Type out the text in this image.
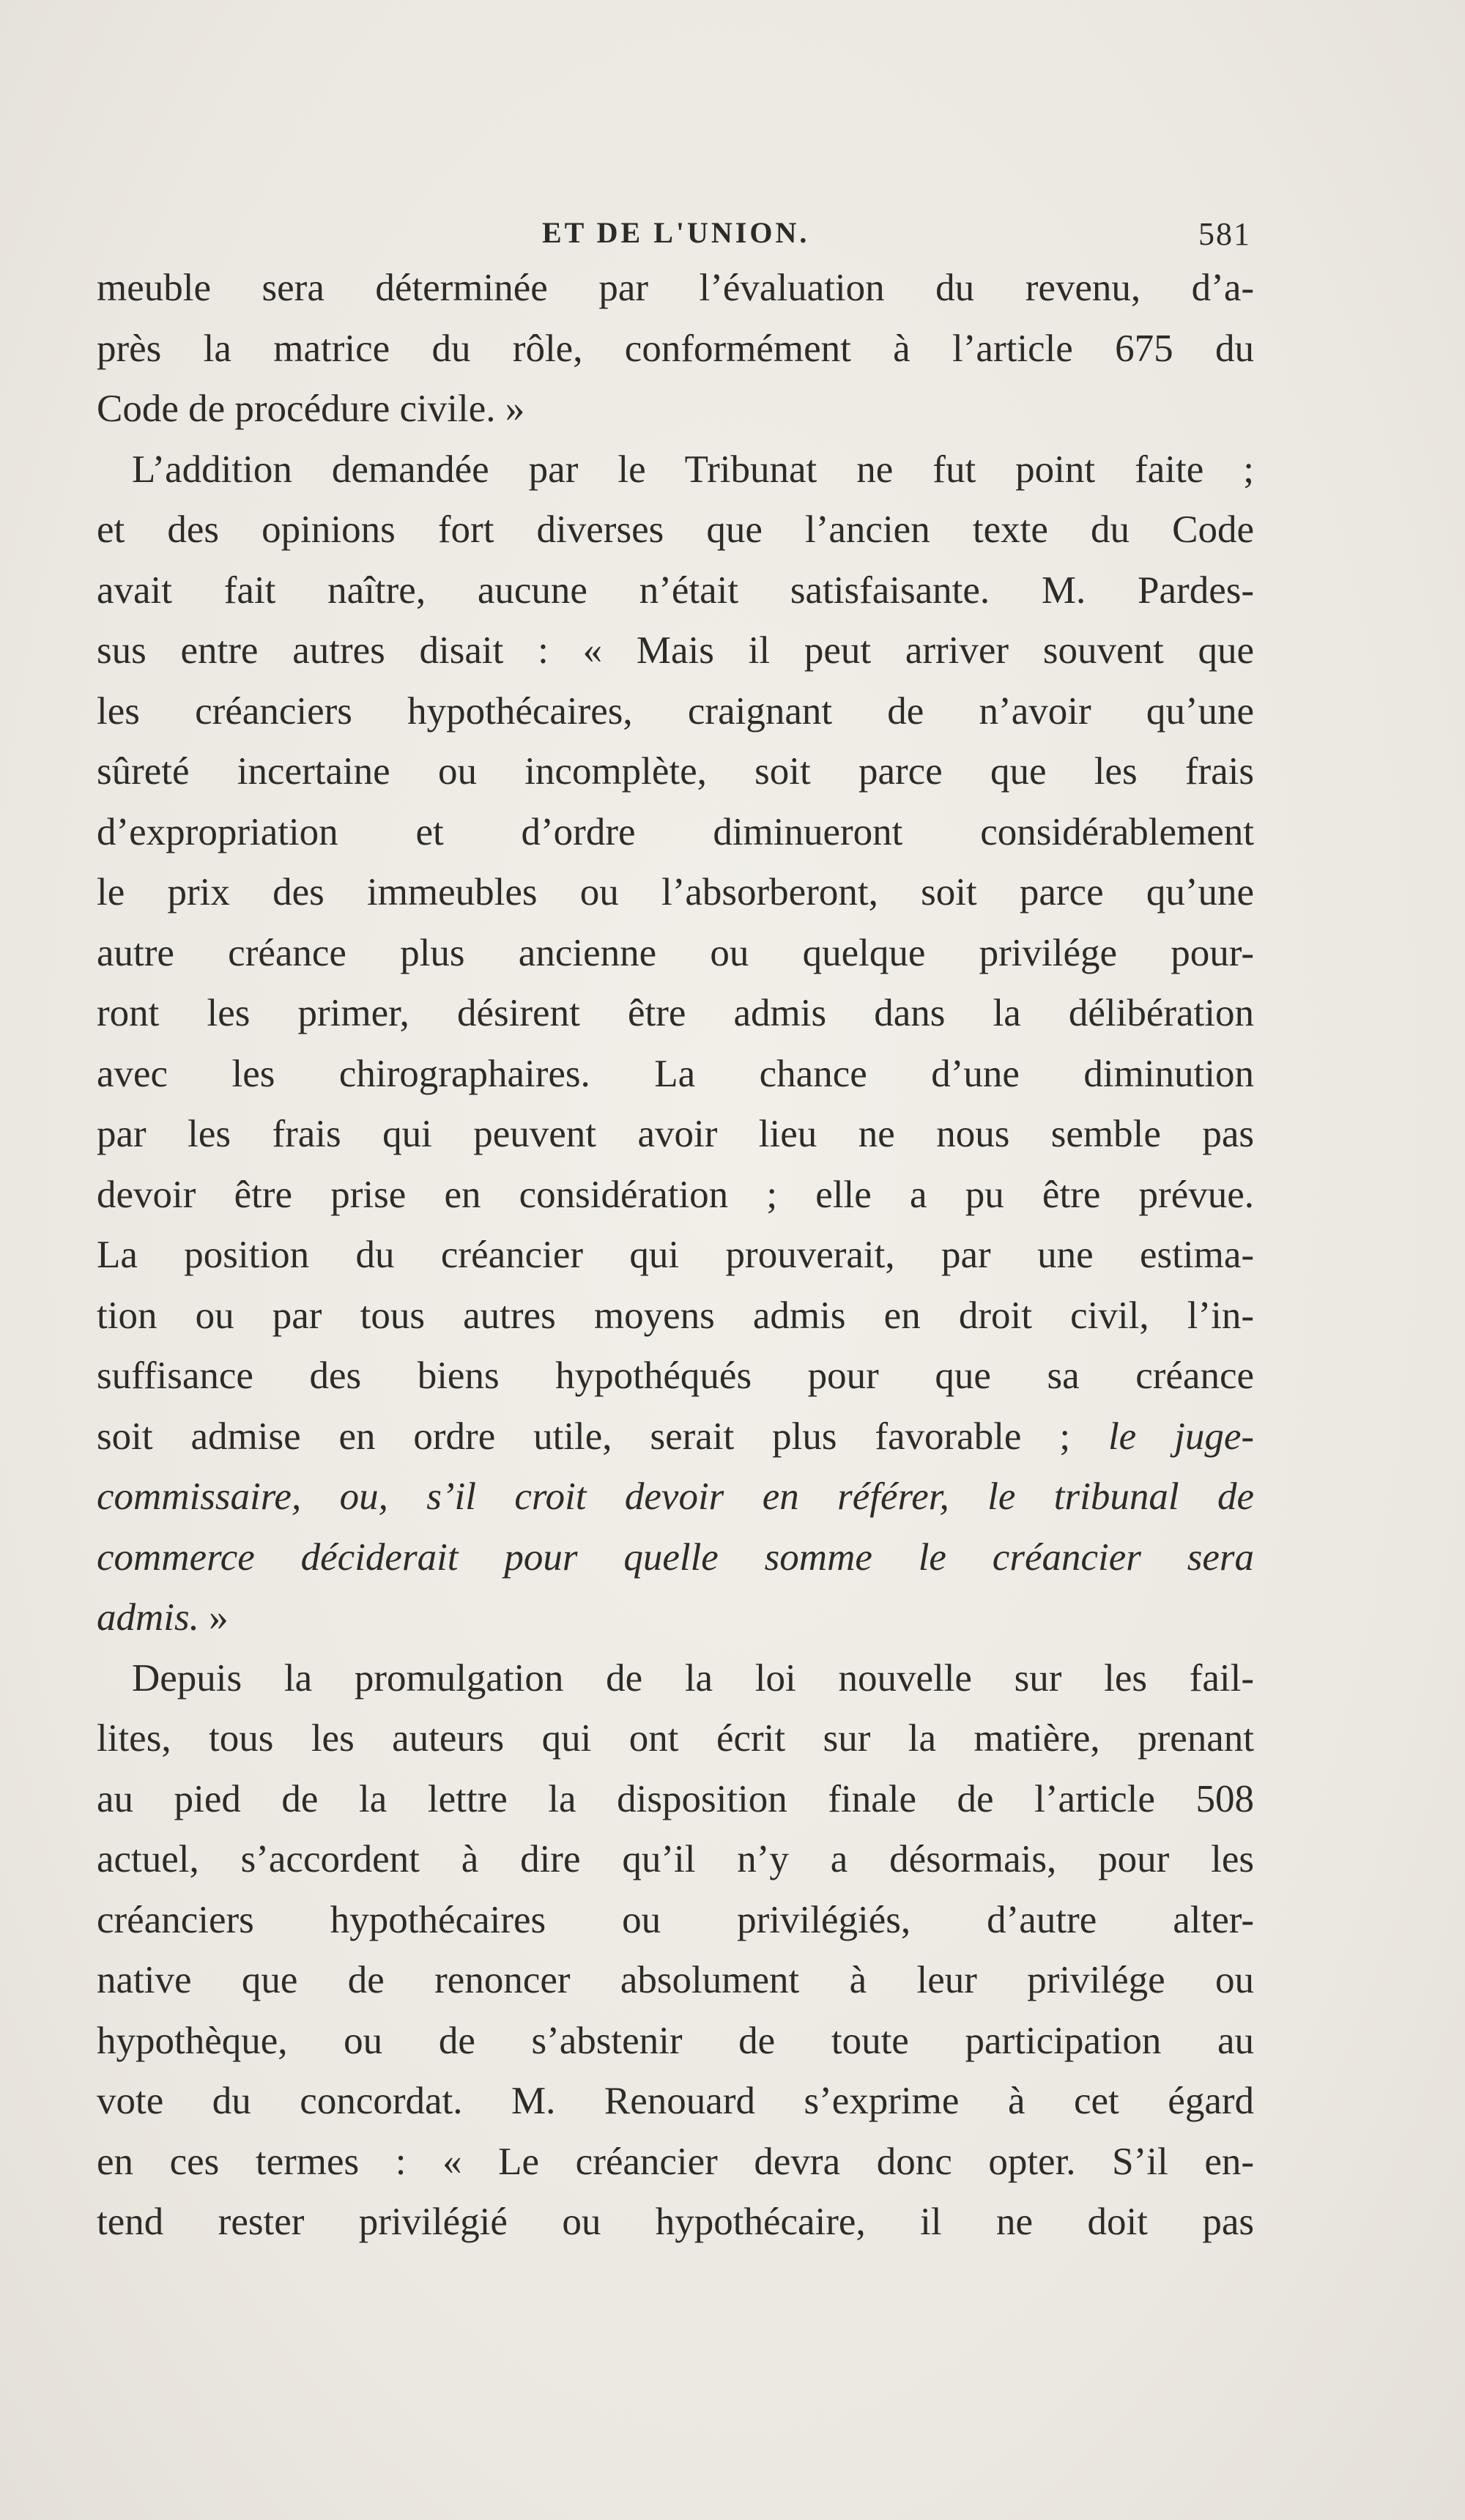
ET DE L'UNION.	581
meuble sera déterminée par l’évaluation du revenu, d’a-
près la matrice du rôle, conformément à l’article 675 du
Code de procédure civile. »
L’addition demandée par le Tribunat ne fut point faite ;
et des opinions fort diverses que l’ancien texte du Code
avait fait naître, aucune n’était satisfaisante. M. Pardes-
sus entre autres disait : « Mais il peut arriver souvent que
les créanciers hypothécaires, craignant de n’avoir qu’une
sûreté incertaine ou incomplète, soit parce que les frais
d’expropriation et d’ordre diminueront considérablement
le prix des immeubles ou l’absorberont, soit parce qu’une
autre créance plus ancienne ou quelque privilége pour-
ront les primer, désirent être admis dans la délibération
avec les chirographaires. La chance d’une diminution
par les frais qui peuvent avoir lieu ne nous semble pas
devoir être prise en considération ; elle a pu être prévue.
La position du créancier qui prouverait, par une estima-
tion ou par tous autres moyens admis en droit civil, l’in-
suffisance des biens hypothéqués pour que sa créance
soit admise en ordre utile, serait plus favorable ; le juge-
commissaire, ou, s’il croit devoir en référer, le tribunal de
commerce déciderait pour quelle somme le créancier sera
admis. »
Depuis la promulgation de la loi nouvelle sur les fail-
lites, tous les auteurs qui ont écrit sur la matière, prenant
au pied de la lettre la disposition finale de l’article 508
actuel, s’accordent à dire qu’il n’y a désormais, pour les
créanciers hypothécaires ou privilégiés, d’autre alter-
native que de renoncer absolument à leur privilége ou
hypothèque, ou de s’abstenir de toute participation au
vote du concordat. M. Renouard s’exprime à cet égard
en ces termes : « Le créancier devra donc opter. S’il en-
tend rester privilégié ou hypothécaire, il ne doit pas
